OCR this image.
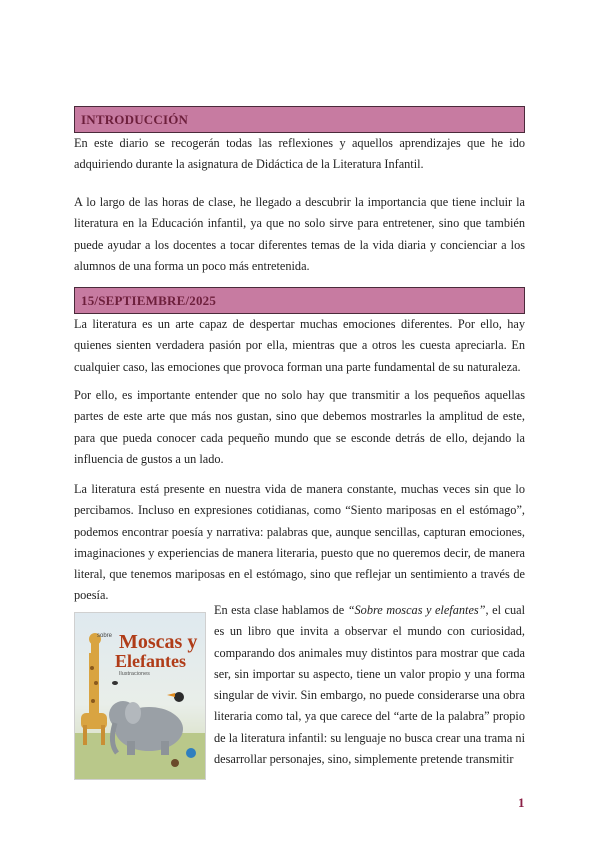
INTRODUCCIÓN

En este diario se recogerán todas las reflexiones y aquellos aprendizajes que he ido adquiriendo durante la asignatura de Didáctica de la Literatura Infantil.

A lo largo de las horas de clase, he llegado a descubrir la importancia que tiene incluir la literatura en la Educación infantil, ya que no solo sirve para entretener, sino que también puede ayudar a los docentes a tocar diferentes temas de la vida diaria y concienciar a los alumnos de una forma un poco más entretenida.

15/SEPTIEMBRE/2025

La literatura es un arte capaz de despertar muchas emociones diferentes. Por ello, hay quienes sienten verdadera pasión por ella, mientras que a otros les cuesta apreciarla. En cualquier caso, las emociones que provoca forman una parte fundamental de su naturaleza.

Por ello, es importante entender que no solo hay que transmitir a los pequeños aquellas partes de este arte que más nos gustan, sino que debemos mostrarles la amplitud de este, para que pueda conocer cada pequeño mundo que se esconde detrás de ello, dejando la influencia de gustos a un lado.

La literatura está presente en nuestra vida de manera constante, muchas veces sin que lo percibamos. Incluso en expresiones cotidianas, como “Siento mariposas en el estómago”, podemos encontrar poesía y narrativa: palabras que, aunque sencillas, capturan emociones, imaginaciones y experiencias de manera literaria, puesto que no queremos decir, de manera literal, que tenemos mariposas en el estómago, sino que reflejar un sentimiento a través de poesía.

sobre Moscas y
Elefantes
Ilustraciones
En esta clase hablamos de “Sobre moscas y elefantes”, el cual es un libro que invita a observar el mundo con curiosidad, comparando dos animales muy distintos para mostrar que cada ser, sin importar su aspecto, tiene un valor propio y una forma singular de vivir. Sin embargo, no puede considerarse una obra literaria como tal, ya que carece del “arte de la palabra” propio de la literatura infantil: su lenguaje no busca crear una trama ni desarrollar personajes, sino, simplemente pretende transmitir
1
